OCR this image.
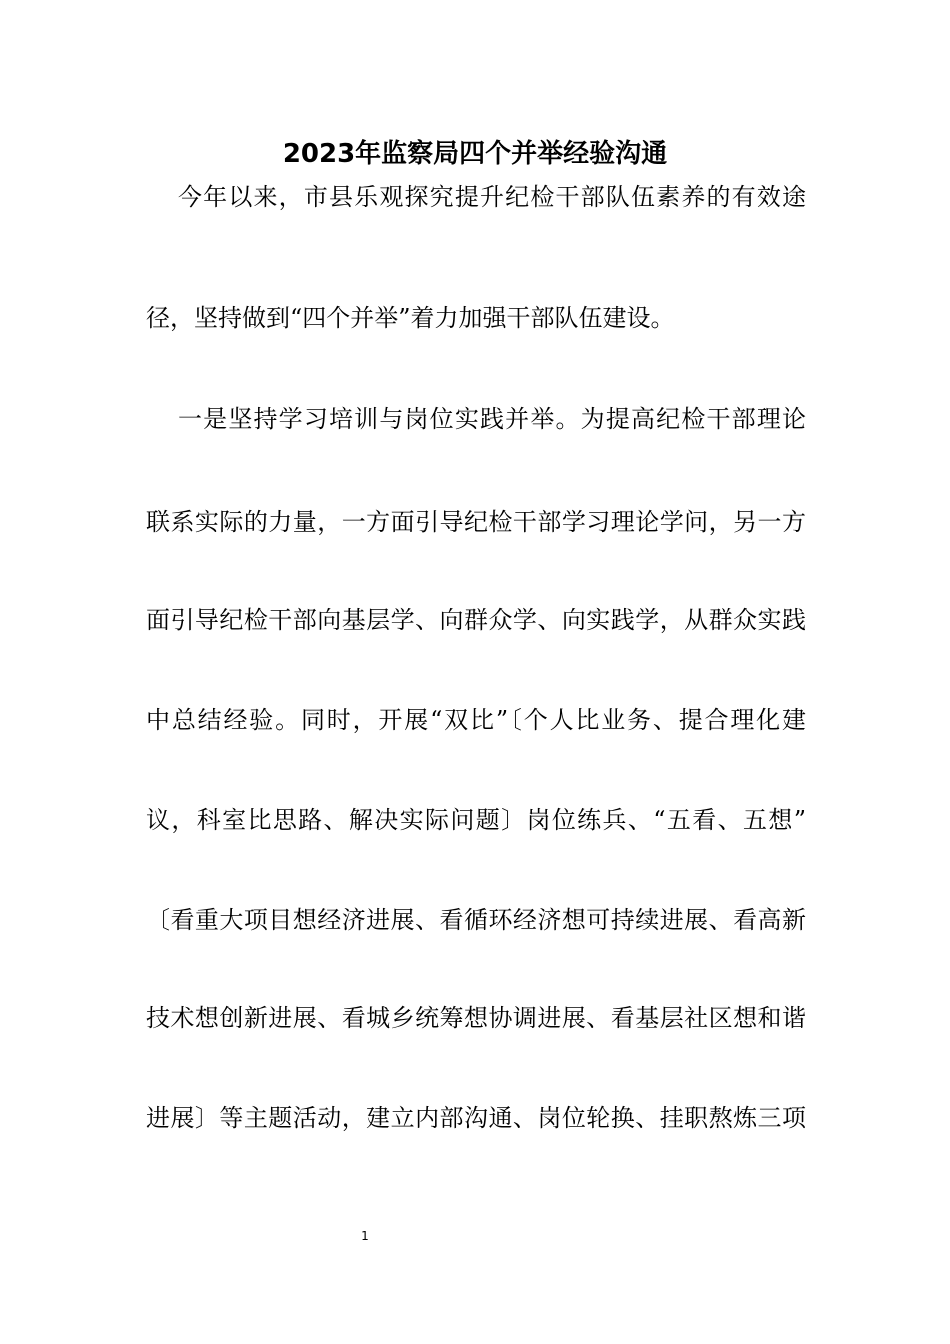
2023年监察局四个并举经验沟通
今年以来，市县乐观探究提升纪检干部队伍素养的有效途
径，坚持做到“四个并举”着力加强干部队伍建设。
一是坚持学习培训与岗位实践并举。为提高纪检干部理论
联系实际的力量，一方面引导纪检干部学习理论学问，另一方
面引导纪检干部向基层学、向群众学、向实践学，从群众实践
中总结经验。同时，开展“双比”〔个人比业务、提合理化建
议，科室比思路、解决实际问题〕岗位练兵、“五看、五想”
〔看重大项目想经济进展、看循环经济想可持续进展、看高新
技术想创新进展、看城乡统筹想协调进展、看基层社区想和谐
进展〕等主题活动，建立内部沟通、岗位轮换、挂职熬炼三项
1
